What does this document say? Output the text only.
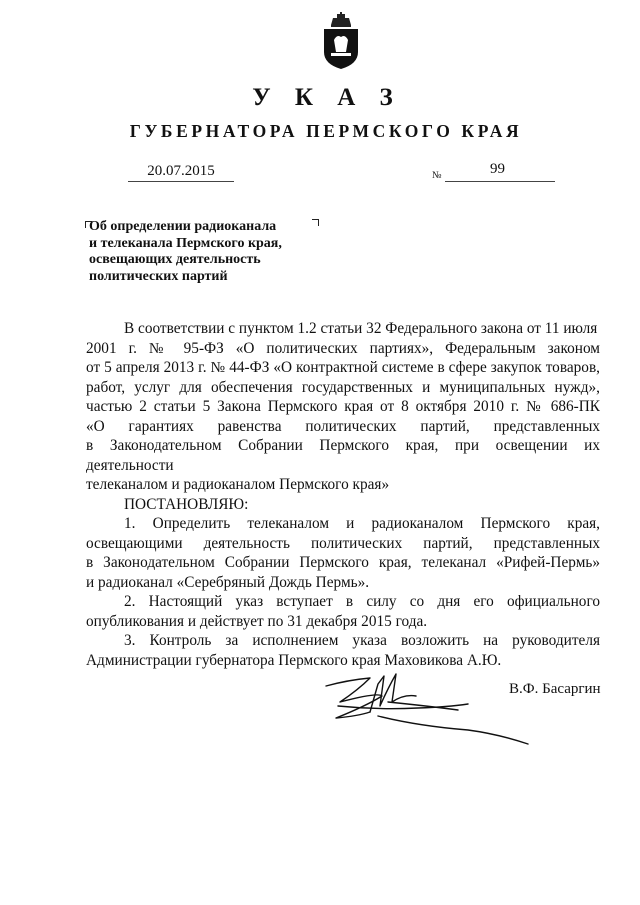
У К А З
ГУБЕРНАТОРА ПЕРМСКОГО КРАЯ
20.07.2015	№	99
Об определении радиоканала
и телеканала Пермского края,
освещающих деятельность
политических партий
В соответствии с пунктом 1.2 статьи 32 Федерального закона от 11 июля
2001 г. № 95-ФЗ «О политических партиях», Федеральным законом
от 5 апреля 2013 г. № 44-ФЗ «О контрактной системе в сфере закупок товаров,
работ, услуг для обеспечения государственных и муниципальных нужд»,
частью 2 статьи 5 Закона Пермского края от 8 октября 2010 г. № 686-ПК
«О гарантиях равенства политических партий, представленных
в Законодательном Собрании Пермского края, при освещении их деятельности
телеканалом и радиоканалом Пермского края»
ПОСТАНОВЛЯЮ:
1. Определить телеканалом и радиоканалом Пермского края,
освещающими деятельность политических партий, представленных
в Законодательном Собрании Пермского края, телеканал «Рифей-Пермь»
и радиоканал «Серебряный Дождь Пермь».
2. Настоящий указ вступает в силу со дня его официального
опубликования и действует по 31 декабря 2015 года.
3. Контроль за исполнением указа возложить на руководителя
Администрации губернатора Пермского края Маховикова А.Ю.
В.Ф. Басаргин
